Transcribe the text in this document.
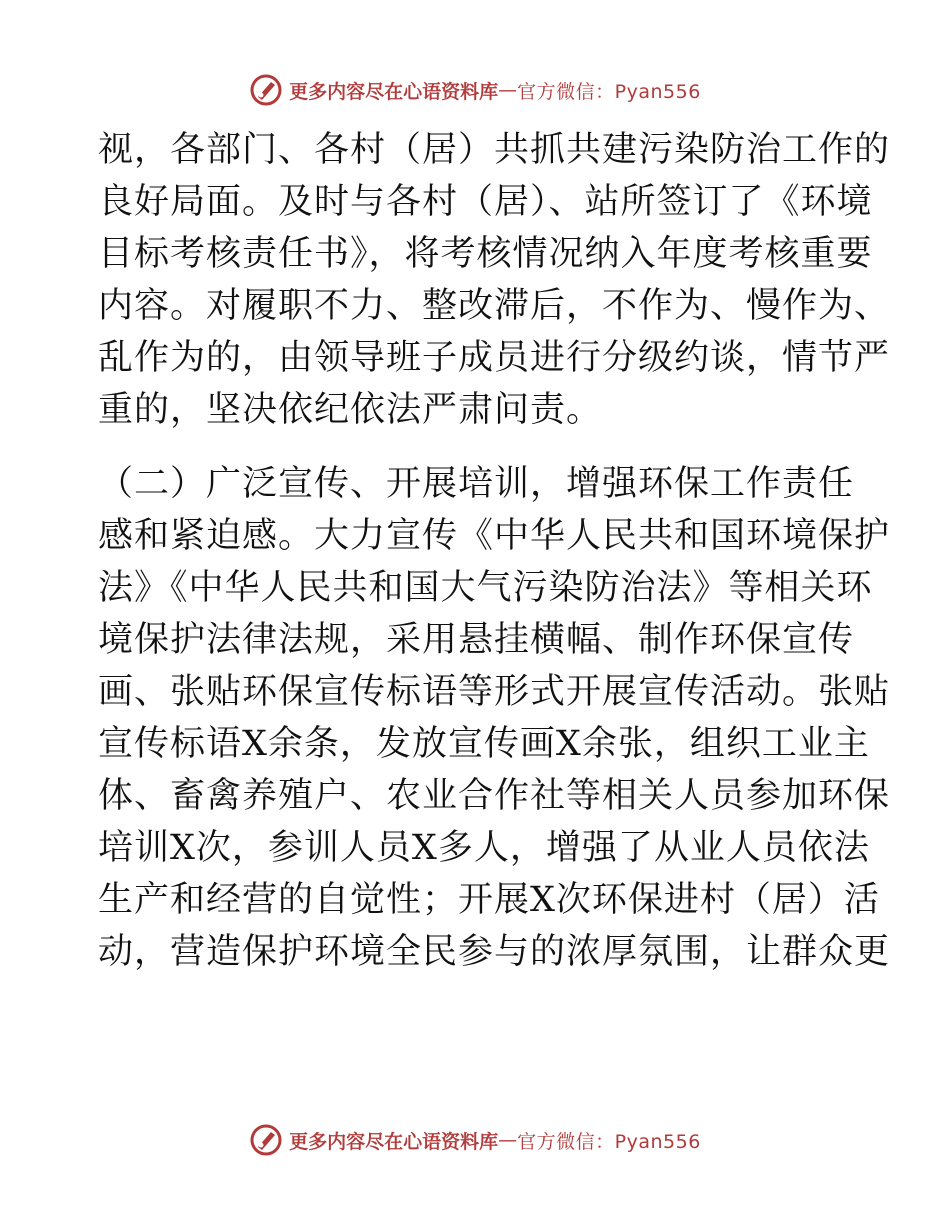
更多内容尽在心语资料库 — 官方微信：Pyan556
视，各部门、各村（居）共抓共建污染防治工作的
良好局面。及时与各村（居）、站所签订了《环境
目标考核责任书》，将考核情况纳入年度考核重要
内容。对履职不力、整改滞后，不作为、慢作为、
乱作为的，由领导班子成员进行分级约谈，情节严
重的，坚决依纪依法严肃问责。
（二）广泛宣传、开展培训，增强环保工作责任
感和紧迫感。大力宣传《中华人民共和国环境保护
法》《中华人民共和国大气污染防治法》等相关环
境保护法律法规，采用悬挂横幅、制作环保宣传
画、张贴环保宣传标语等形式开展宣传活动。张贴
宣传标语X余条，发放宣传画X余张，组织工业主
体、畜禽养殖户、农业合作社等相关人员参加环保
培训X次，参训人员X多人，增强了从业人员依法
生产和经营的自觉性；开展X次环保进村（居）活
动，营造保护环境全民参与的浓厚氛围，让群众更
更多内容尽在心语资料库 — 官方微信：Pyan556
